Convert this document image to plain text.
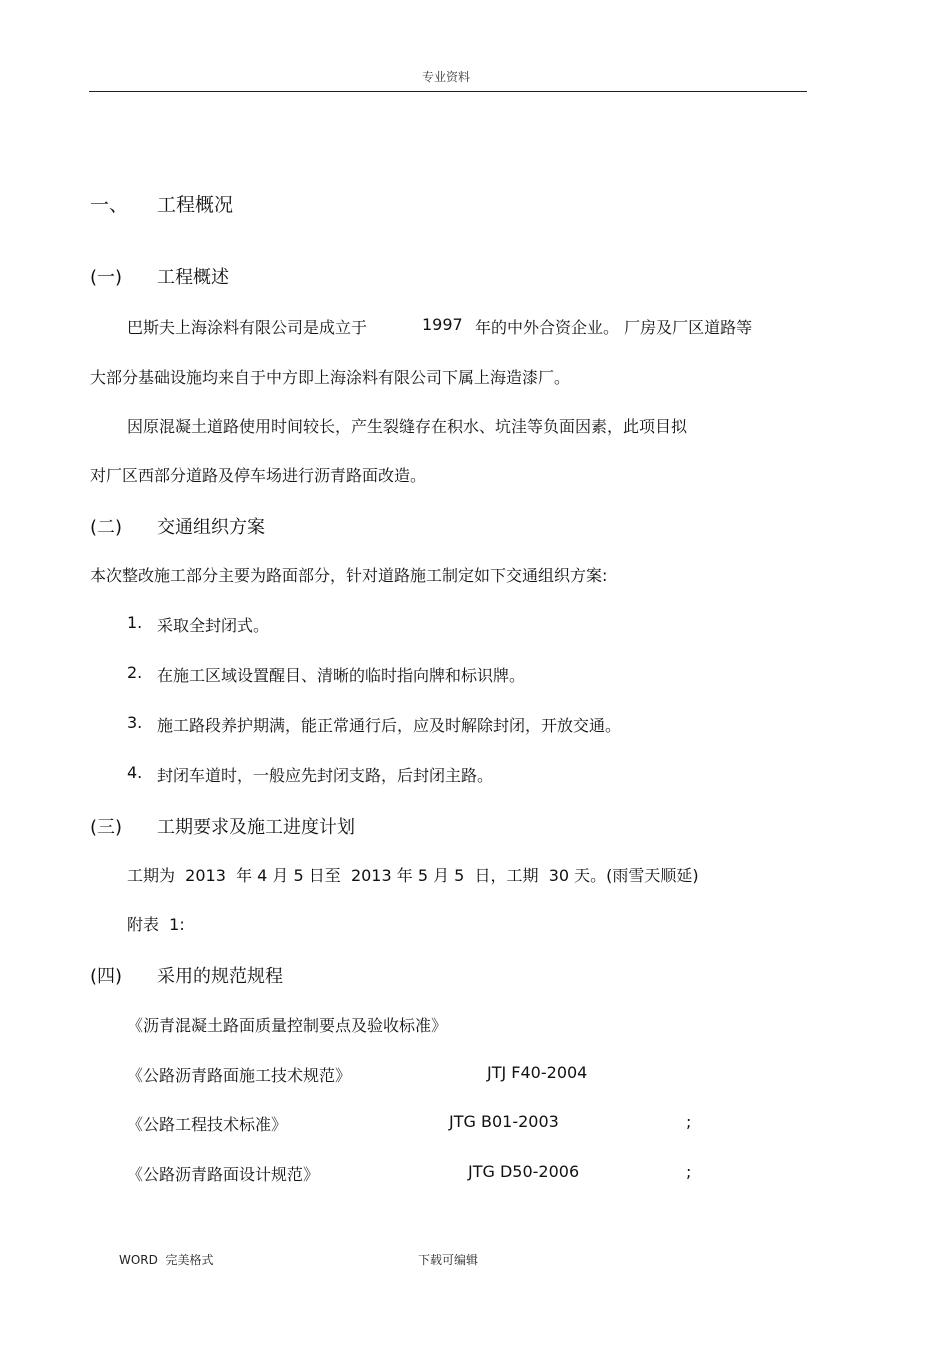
专业资料
一、 工程概况
(一) 工程概述
巴斯夫上海涂料有限公司是成立于	1997 年的中外合资企业。 厂房及厂区道路等
大部分基础设施均来自于中方即上海涂料有限公司下属上海造漆厂。
因原混凝土道路使用时间较长，产生裂缝存在积水、坑洼等负面因素，此项目拟
对厂区西部分道路及停车场进行沥青路面改造。
(二) 交通组织方案
本次整改施工部分主要为路面部分，针对道路施工制定如下交通组织方案:
1. 采取全封闭式。
2. 在施工区域设置醒目、清晰的临时指向牌和标识牌。
3. 施工路段养护期满，能正常通行后，应及时解除封闭，开放交通。
4. 封闭车道时，一般应先封闭支路，后封闭主路。
(三) 工期要求及施工进度计划
工期为  2013  年 4 月 5 日至  2013 年 5 月 5  日，工期  30 天。(雨雪天顺延)
附表  1:
(四) 采用的规范规程
《沥青混凝土路面质量控制要点及验收标准》
《公路沥青路面施工技术规范》	JTJ F40-2004
《公路工程技术标准》	JTG B01-2003	;
《公路沥青路面设计规范》	JTG D50-2006	;
WORD  完美格式	下载可编辑
